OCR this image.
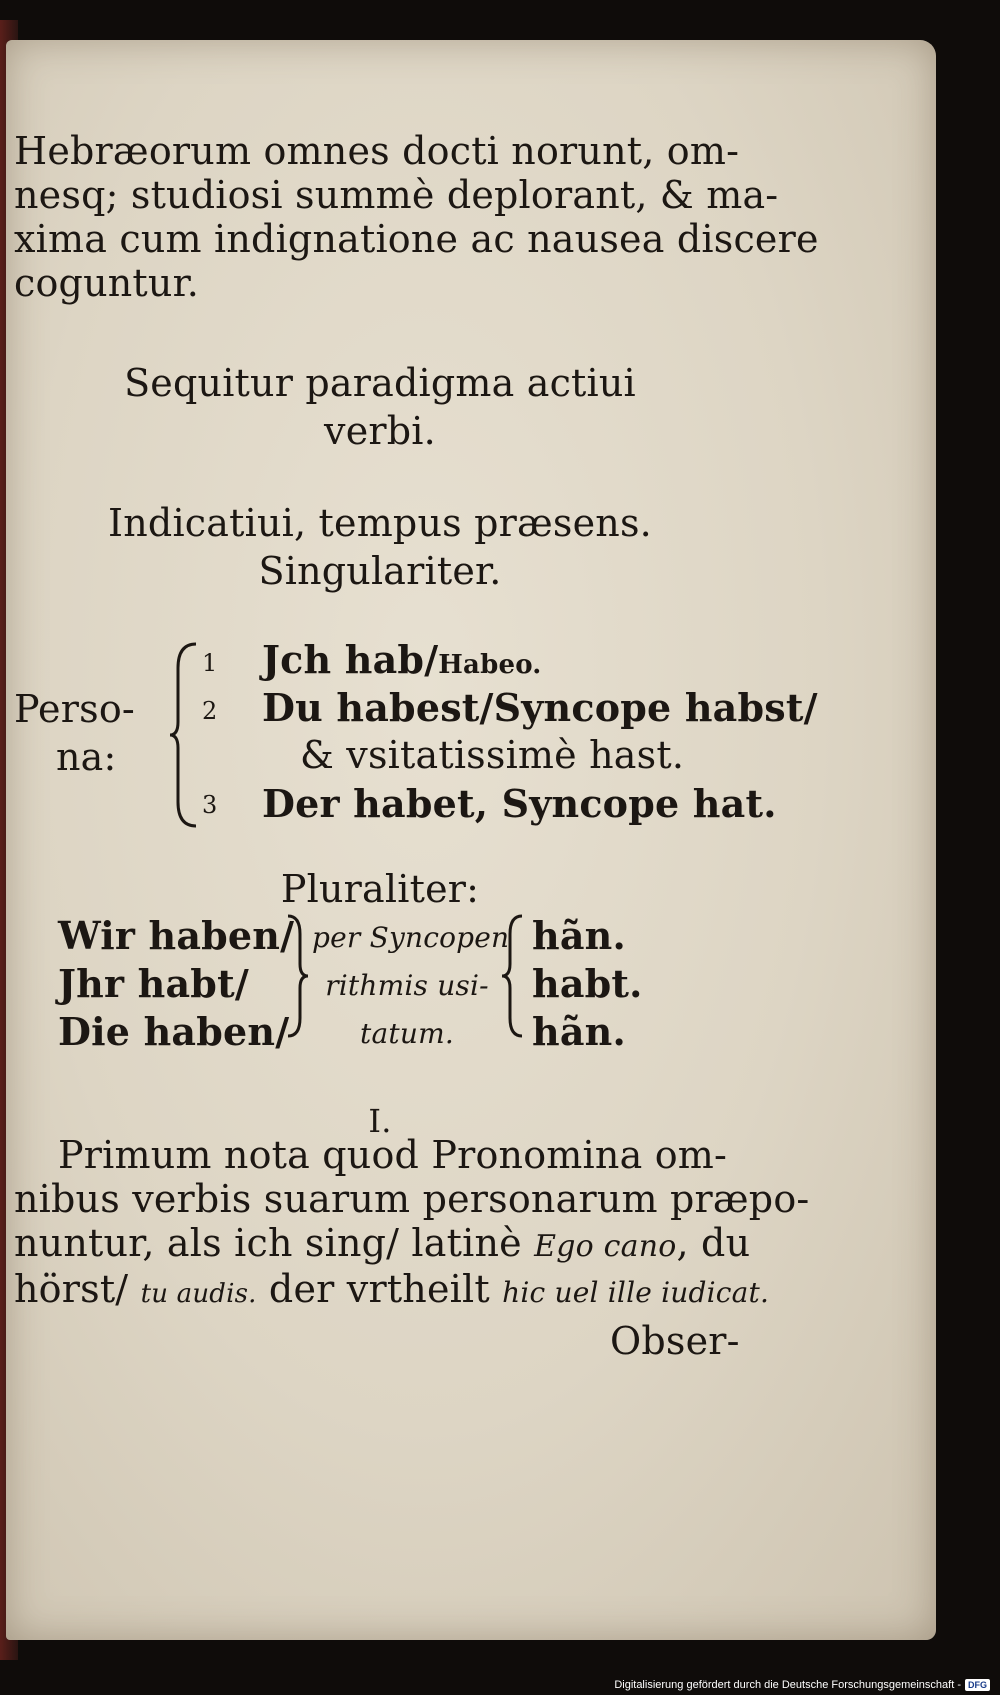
Hebræorum omnes docti norunt, om-
nesq; studiosi summè deplorant, & ma-
xima cum indignatione ac nausea discere
coguntur.
Sequitur paradigma actiui
verbi.
Indicatiui, tempus præsens.
Singulariter.
Perso-
na:
1
2
3
Jch hab/Habeo.
Du habest/Syncope habst/
& vsitatissimè hast.
Der habet, Syncope hat.
Pluraliter:
Wir haben/
Jhr habt/
Die haben/
per Syncopen
rithmis usi-
tatum.
hãn.
habt.
hãn.
I.
Primum nota quod Pronomina om-
nibus verbis suarum personarum præpo-
nuntur, als ich sing/ latinè Ego cano, du
hörst/ tu audis. der vrtheilt hic uel ille iudicat.
Obser-
Digitalisierung gefördert durch die Deutsche Forschungsgemeinschaft - DFG
